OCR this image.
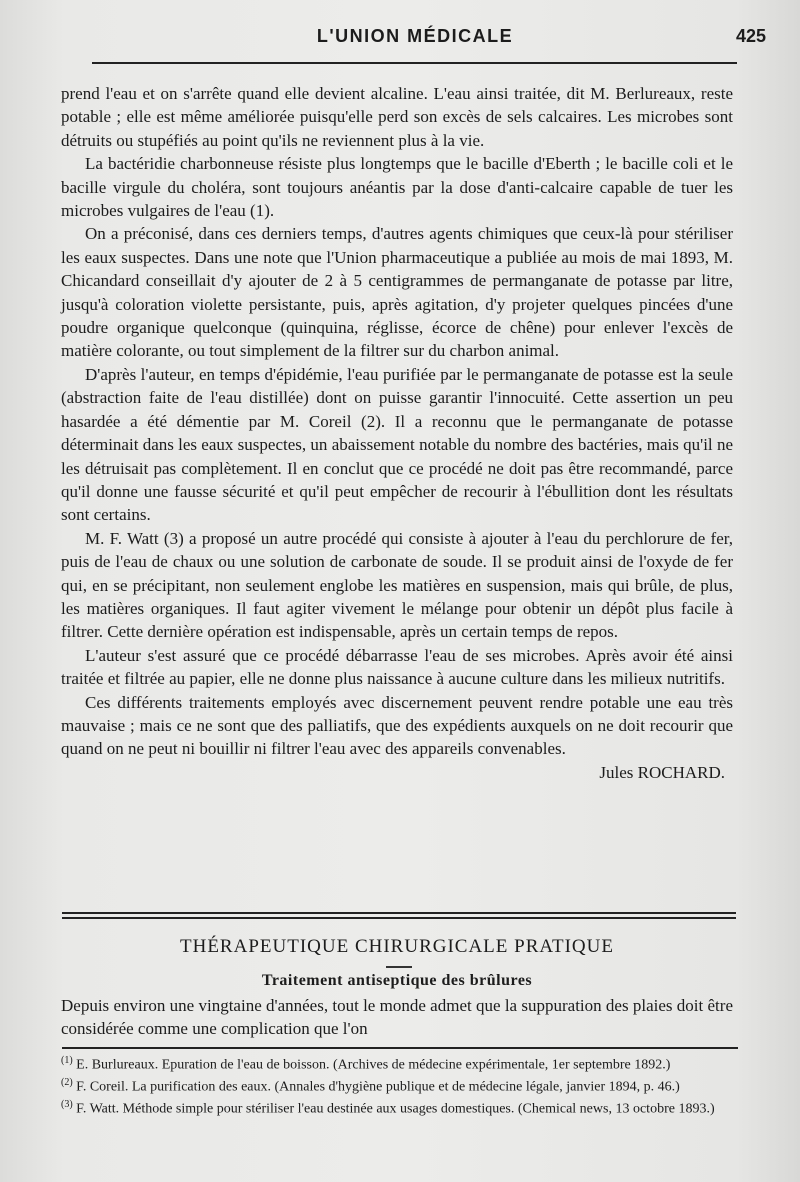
L'UNION MÉDICALE	425

prend l'eau et on s'arrête quand elle devient alcaline. L'eau ainsi traitée, dit M. Berlureaux, reste potable ; elle est même améliorée puisqu'elle perd son excès de sels calcaires. Les microbes sont détruits ou stupéfiés au point qu'ils ne reviennent plus à la vie.

La bactéridie charbonneuse résiste plus longtemps que le bacille d'Eberth ; le bacille coli et le bacille virgule du choléra, sont toujours anéantis par la dose d'anti-calcaire capable de tuer les microbes vulgaires de l'eau (1).

On a préconisé, dans ces derniers temps, d'autres agents chimiques que ceux-là pour stériliser les eaux suspectes. Dans une note que l'Union pharmaceutique a publiée au mois de mai 1893, M. Chicandard conseillait d'y ajouter de 2 à 5 centigrammes de permanganate de potasse par litre, jusqu'à coloration violette persistante, puis, après agitation, d'y projeter quelques pincées d'une poudre organique quelconque (quinquina, réglisse, écorce de chêne) pour enlever l'excès de matière colorante, ou tout simplement de la filtrer sur du charbon animal.

D'après l'auteur, en temps d'épidémie, l'eau purifiée par le permanganate de potasse est la seule (abstraction faite de l'eau distillée) dont on puisse garantir l'innocuité. Cette assertion un peu hasardée a été démentie par M. Coreil (2). Il a reconnu que le permanganate de potasse déterminait dans les eaux suspectes, un abaissement notable du nombre des bactéries, mais qu'il ne les détruisait pas complètement. Il en conclut que ce procédé ne doit pas être recommandé, parce qu'il donne une fausse sécurité et qu'il peut empêcher de recourir à l'ébullition dont les résultats sont certains.

M. F. Watt (3) a proposé un autre procédé qui consiste à ajouter à l'eau du perchlorure de fer, puis de l'eau de chaux ou une solution de carbonate de soude. Il se produit ainsi de l'oxyde de fer qui, en se précipitant, non seulement englobe les matières en suspension, mais qui brûle, de plus, les matières organiques. Il faut agiter vivement le mélange pour obtenir un dépôt plus facile à filtrer. Cette dernière opération est indispensable, après un certain temps de repos.

L'auteur s'est assuré que ce procédé débarrasse l'eau de ses microbes. Après avoir été ainsi traitée et filtrée au papier, elle ne donne plus naissance à aucune culture dans les milieux nutritifs.

Ces différents traitements employés avec discernement peuvent rendre potable une eau très mauvaise ; mais ce ne sont que des palliatifs, que des expédients auxquels on ne doit recourir que quand on ne peut ni bouillir ni filtrer l'eau avec des appareils convenables.

Jules ROCHARD.

THÉRAPEUTIQUE CHIRURGICALE PRATIQUE
Traitement antiseptique des brûlures
Depuis environ une vingtaine d'années, tout le monde admet que la suppuration des plaies doit être considérée comme une complication que l'on

$^{(1)}$ E. Burlureaux. Epuration de l'eau de boisson. (Archives de médecine expérimentale, 1er septembre 1892.)

$^{(2)}$ F. Coreil. La purification des eaux. (Annales d'hygiène publique et de médecine légale, janvier 1894, p. 46.)

$^{(3)}$ F. Watt. Méthode simple pour stériliser l'eau destinée aux usages domestiques. (Chemical news, 13 octobre 1893.)
